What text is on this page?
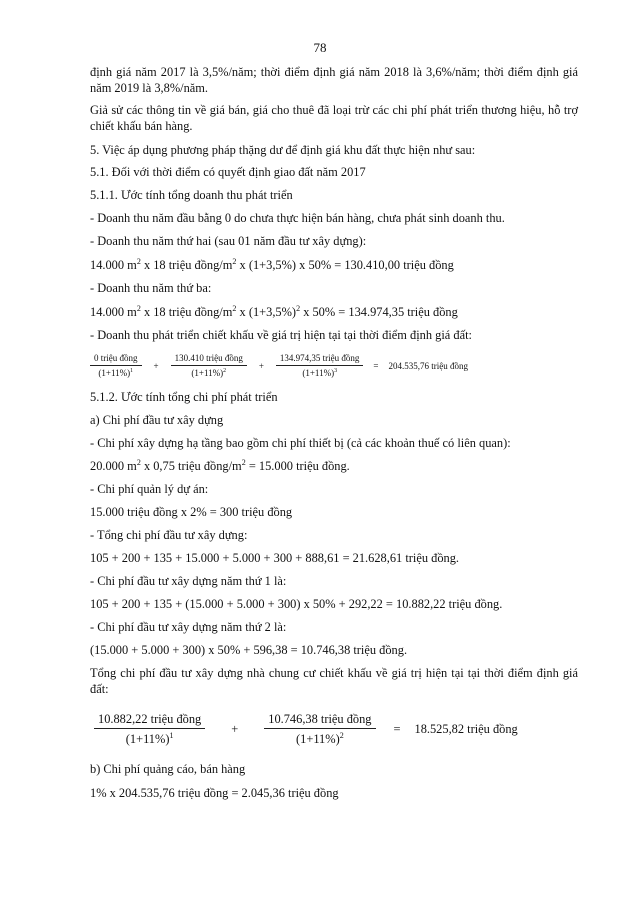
78

định giá năm 2017 là 3,5%/năm; thời điểm định giá năm 2018 là 3,6%/năm; thời điểm định giá năm 2019 là 3,8%/năm.

Giả sử các thông tin về giá bán, giá cho thuê đã loại trừ các chi phí phát triển thương hiệu, hỗ trợ chiết khấu bán hàng.

5. Việc áp dụng phương pháp thặng dư để định giá khu đất thực hiện như sau:

5.1. Đối với thời điểm có quyết định giao đất năm 2017

5.1.1. Ước tính tổng doanh thu phát triển

- Doanh thu năm đầu bằng 0 do chưa thực hiện bán hàng, chưa phát sinh doanh thu.

- Doanh thu năm thứ hai (sau 01 năm đầu tư xây dựng):

14.000 $m^2$ x 18 triệu đồng/$m^2$ x (1+3,5%) x 50% = 130.410,00 triệu đồng

- Doanh thu năm thứ ba:

14.000 $m^2$ x 18 triệu đồng/$m^2$ x $(1+3,5\%)^2$ x 50% = 134.974,35 triệu đồng

- Doanh thu phát triển chiết khấu về giá trị hiện tại tại thời điểm định giá đất:

$\frac{\text{0 triệu đồng}}{(1+11\%)^1} + \frac{\text{130.410 triệu đồng}}{(1+11\%)^2} + \frac{\text{134.974,35 triệu đồng}}{(1+11\%)^3} = 204.535,76$ triệu đồng

5.1.2. Ước tính tổng chi phí phát triển

a) Chi phí đầu tư xây dựng

- Chi phí xây dựng hạ tầng bao gồm chi phí thiết bị (cả các khoản thuế có liên quan):

20.000 $m^2$ x 0,75 triệu đồng/$m^2 = 15.000$ triệu đồng.

- Chi phí quản lý dự án:

15.000 triệu đồng x 2% = 300 triệu đồng

- Tổng chi phí đầu tư xây dựng:

105 + 200 + 135 + 15.000 + 5.000 + 300 + 888,61 = 21.628,61 triệu đồng.

- Chi phí đầu tư xây dựng năm thứ 1 là:

105 + 200 + 135 + (15.000 + 5.000 + 300) x 50% + 292,22 = 10.882,22 triệu đồng.

- Chi phí đầu tư xây dựng năm thứ 2 là:

(15.000 + 5.000 + 300) x 50% + 596,38 = 10.746,38 triệu đồng.

Tổng chi phí đầu tư xây dựng nhà chung cư chiết khấu về giá trị hiện tại tại thời điểm định giá đất:

$\frac{\text{10.882,22 triệu đồng}}{(1+11\%)^1} + \frac{\text{10.746,38 triệu đồng}}{(1+11\%)^2} = 18.525,82$ triệu đồng

b) Chi phí quảng cáo, bán hàng

1% x 204.535,76 triệu đồng = 2.045,36 triệu đồng
